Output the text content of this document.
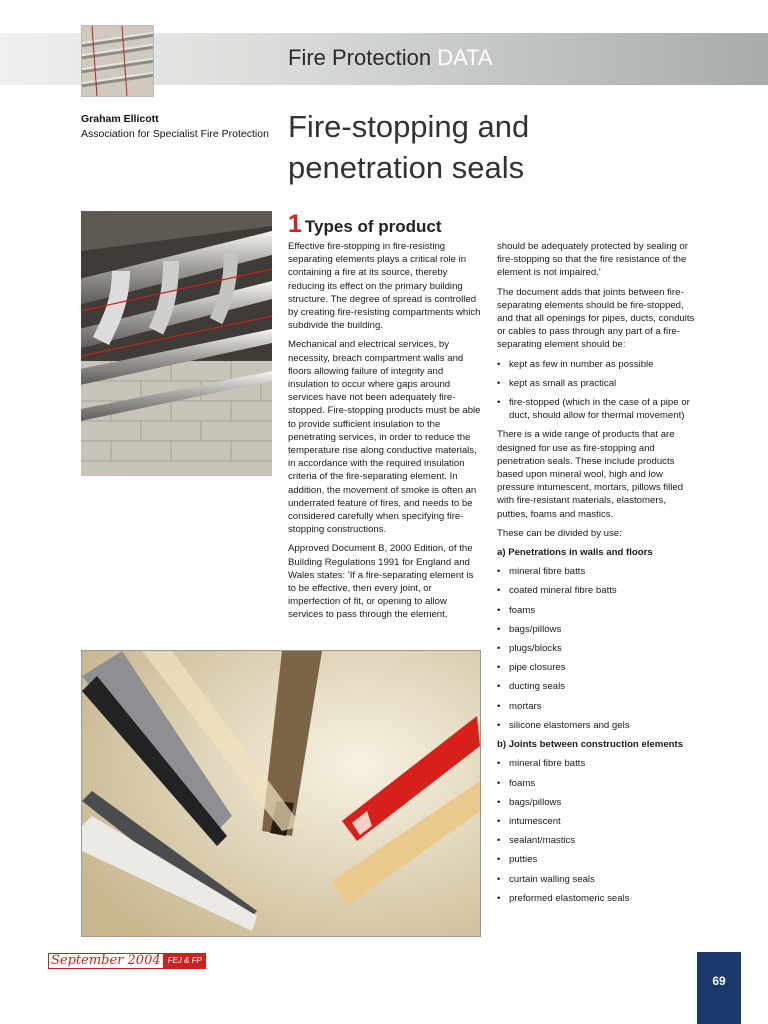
Fire Protection DATA
Graham Ellicott
Association for Specialist Fire Protection Fire-stopping and
penetration seals
1 Types of product

Effective fire-stopping in fire-resisting separating elements plays a critical role in containing a fire at its source, thereby reducing its effect on the primary building structure. The degree of spread is controlled by creating fire-resisting compartments which subdivide the building.

Mechanical and electrical services, by necessity, breach compartment walls and floors allowing failure of integrity and insulation to occur where gaps around services have not been adequately fire-stopped. Fire-stopping products must be able to provide sufficient insulation to the penetrating services, in order to reduce the temperature rise along conductive materials, in accordance with the required insulation criteria of the fire-separating element. In addition, the movement of smoke is often an underrated feature of fires, and needs to be considered carefully when specifying fire-stopping constructions.

Approved Document B, 2000 Edition, of the Building Regulations 1991 for England and Wales states: 'If a fire-separating element is to be effective, then every joint, or imperfection of fit, or opening to allow services to pass through the element,

should be adequately protected by sealing or fire-stopping so that the fire resistance of the element is not impaired.'

The document adds that joints between fire-separating elements should be fire-stopped, and that all openings for pipes, ducts, conduits or cables to pass through any part of a fire-separating element should be:

• kept as few in number as possible
• kept as small as practical
• fire-stopped (which in the case of a pipe or duct, should allow for thermal movement)

There is a wide range of products that are designed for use as fire-stopping and penetration seals. These include products based upon mineral wool, high and low pressure intumescent, mortars, pillows filled with fire-resistant materials, elastomers, putties, foams and mastics.

These can be divided by use:

a) Penetrations in walls and floors

• mineral fibre batts
• coated mineral fibre batts
• foams
• bags/pillows
• plugs/blocks
• pipe closures
• ducting seals
• mortars
• silicone elastomers and gels

b) Joints between construction elements

• mineral fibre batts
• foams
• bags/pillows
• intumescent
• sealant/mastics
• putties
• curtain walling seals
• preformed elastomeric seals
September 2004 FEJ & FP
69
